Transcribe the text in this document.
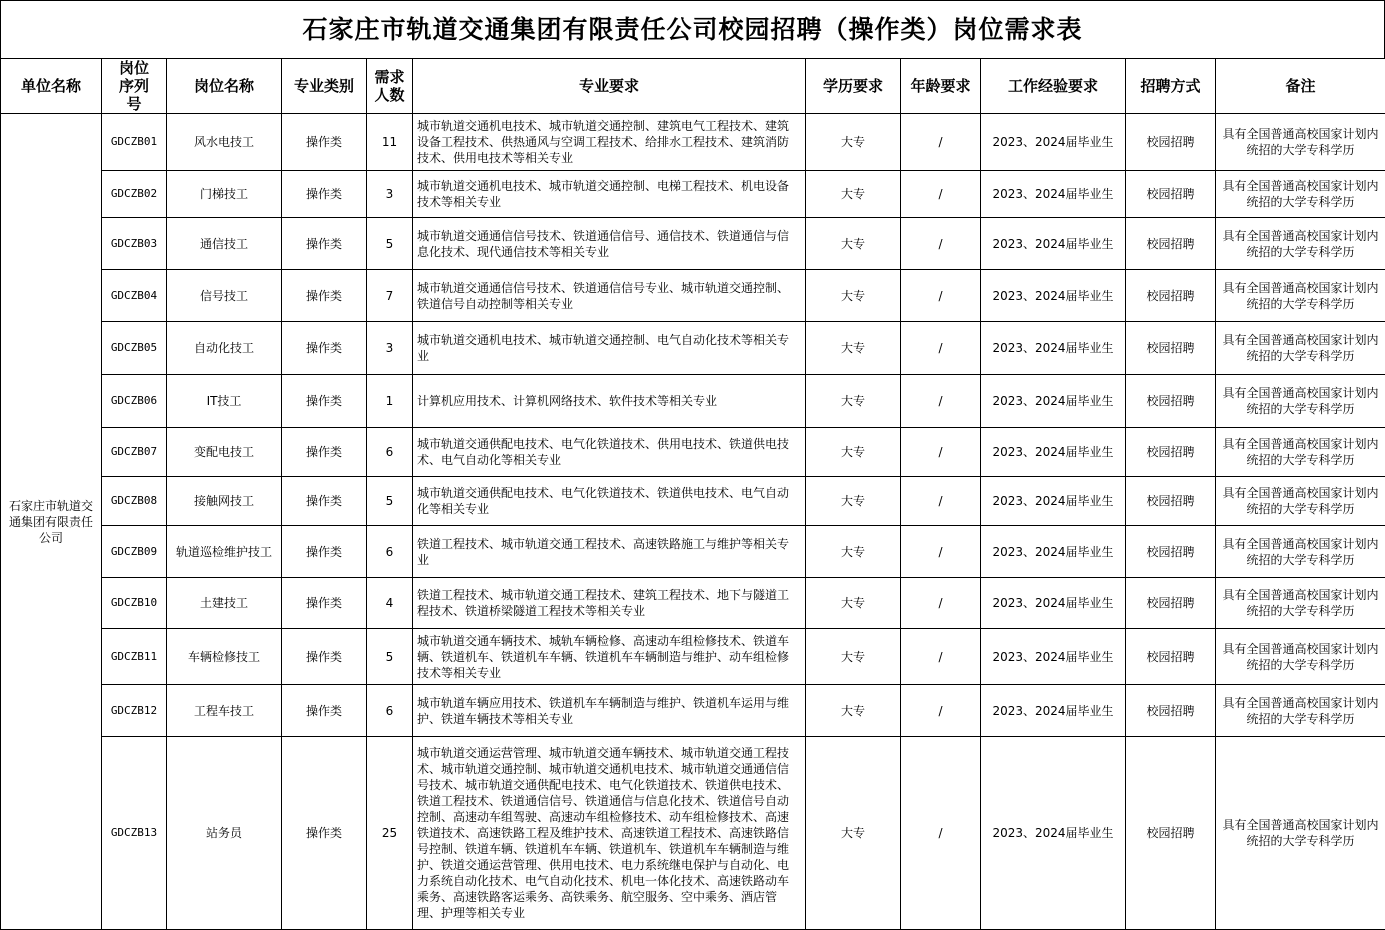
石家庄市轨道交通集团有限责任公司校园招聘（操作类）岗位需求表
单位名称	岗位序列号	岗位名称	专业类别	需求人数	专业要求	学历要求	年龄要求	工作经验要求	招聘方式	备注
石家庄市轨道交通集团有限责任公司	GDCZB01	风水电技工	操作类	11	城市轨道交通机电技术、城市轨道交通控制、建筑电气工程技术、建筑设备工程技术、供热通风与空调工程技术、给排水工程技术、建筑消防技术、供用电技术等相关专业	大专	/	2023、2024届毕业生	校园招聘	具有全国普通高校国家计划内统招的大学专科学历
	GDCZB02	门梯技工	操作类	3	城市轨道交通机电技术、城市轨道交通控制、电梯工程技术、机电设备技术等相关专业	大专	/	2023、2024届毕业生	校园招聘	具有全国普通高校国家计划内统招的大学专科学历
	GDCZB03	通信技工	操作类	5	城市轨道交通通信信号技术、铁道通信信号、通信技术、铁道通信与信息化技术、现代通信技术等相关专业	大专	/	2023、2024届毕业生	校园招聘	具有全国普通高校国家计划内统招的大学专科学历
	GDCZB04	信号技工	操作类	7	城市轨道交通通信信号技术、铁道通信信号专业、城市轨道交通控制、铁道信号自动控制等相关专业	大专	/	2023、2024届毕业生	校园招聘	具有全国普通高校国家计划内统招的大学专科学历
	GDCZB05	自动化技工	操作类	3	城市轨道交通机电技术、城市轨道交通控制、电气自动化技术等相关专业	大专	/	2023、2024届毕业生	校园招聘	具有全国普通高校国家计划内统招的大学专科学历
	GDCZB06	IT技工	操作类	1	计算机应用技术、计算机网络技术、软件技术等相关专业	大专	/	2023、2024届毕业生	校园招聘	具有全国普通高校国家计划内统招的大学专科学历
	GDCZB07	变配电技工	操作类	6	城市轨道交通供配电技术、电气化铁道技术、供用电技术、铁道供电技术、电气自动化等相关专业	大专	/	2023、2024届毕业生	校园招聘	具有全国普通高校国家计划内统招的大学专科学历
	GDCZB08	接触网技工	操作类	5	城市轨道交通供配电技术、电气化铁道技术、铁道供电技术、电气自动化等相关专业	大专	/	2023、2024届毕业生	校园招聘	具有全国普通高校国家计划内统招的大学专科学历
	GDCZB09	轨道巡检维护技工	操作类	6	铁道工程技术、城市轨道交通工程技术、高速铁路施工与维护等相关专业	大专	/	2023、2024届毕业生	校园招聘	具有全国普通高校国家计划内统招的大学专科学历
	GDCZB10	土建技工	操作类	4	铁道工程技术、城市轨道交通工程技术、建筑工程技术、地下与隧道工程技术、铁道桥梁隧道工程技术等相关专业	大专	/	2023、2024届毕业生	校园招聘	具有全国普通高校国家计划内统招的大学专科学历
	GDCZB11	车辆检修技工	操作类	5	城市轨道交通车辆技术、城轨车辆检修、高速动车组检修技术、铁道车辆、铁道机车、铁道机车车辆、铁道机车车辆制造与维护、动车组检修技术等相关专业	大专	/	2023、2024届毕业生	校园招聘	具有全国普通高校国家计划内统招的大学专科学历
	GDCZB12	工程车技工	操作类	6	城市轨道车辆应用技术、铁道机车车辆制造与维护、铁道机车运用与维护、铁道车辆技术等相关专业	大专	/	2023、2024届毕业生	校园招聘	具有全国普通高校国家计划内统招的大学专科学历
	GDCZB13	站务员	操作类	25	城市轨道交通运营管理、城市轨道交通车辆技术、城市轨道交通工程技术、城市轨道交通控制、城市轨道交通机电技术、城市轨道交通通信信号技术、城市轨道交通供配电技术、电气化铁道技术、铁道供电技术、铁道工程技术、铁道通信信号、铁道通信与信息化技术、铁道信号自动控制、高速动车组驾驶、高速动车组检修技术、动车组检修技术、高速铁道技术、高速铁路工程及维护技术、高速铁道工程技术、高速铁路信号控制、铁道车辆、铁道机车车辆、铁道机车、铁道机车车辆制造与维护、铁道交通运营管理、供用电技术、电力系统继电保护与自动化、电力系统自动化技术、电气自动化技术、机电一体化技术、高速铁路动车乘务、高速铁路客运乘务、高铁乘务、航空服务、空中乘务、酒店管理、护理等相关专业	大专	/	2023、2024届毕业生	校园招聘	具有全国普通高校国家计划内统招的大学专科学历
